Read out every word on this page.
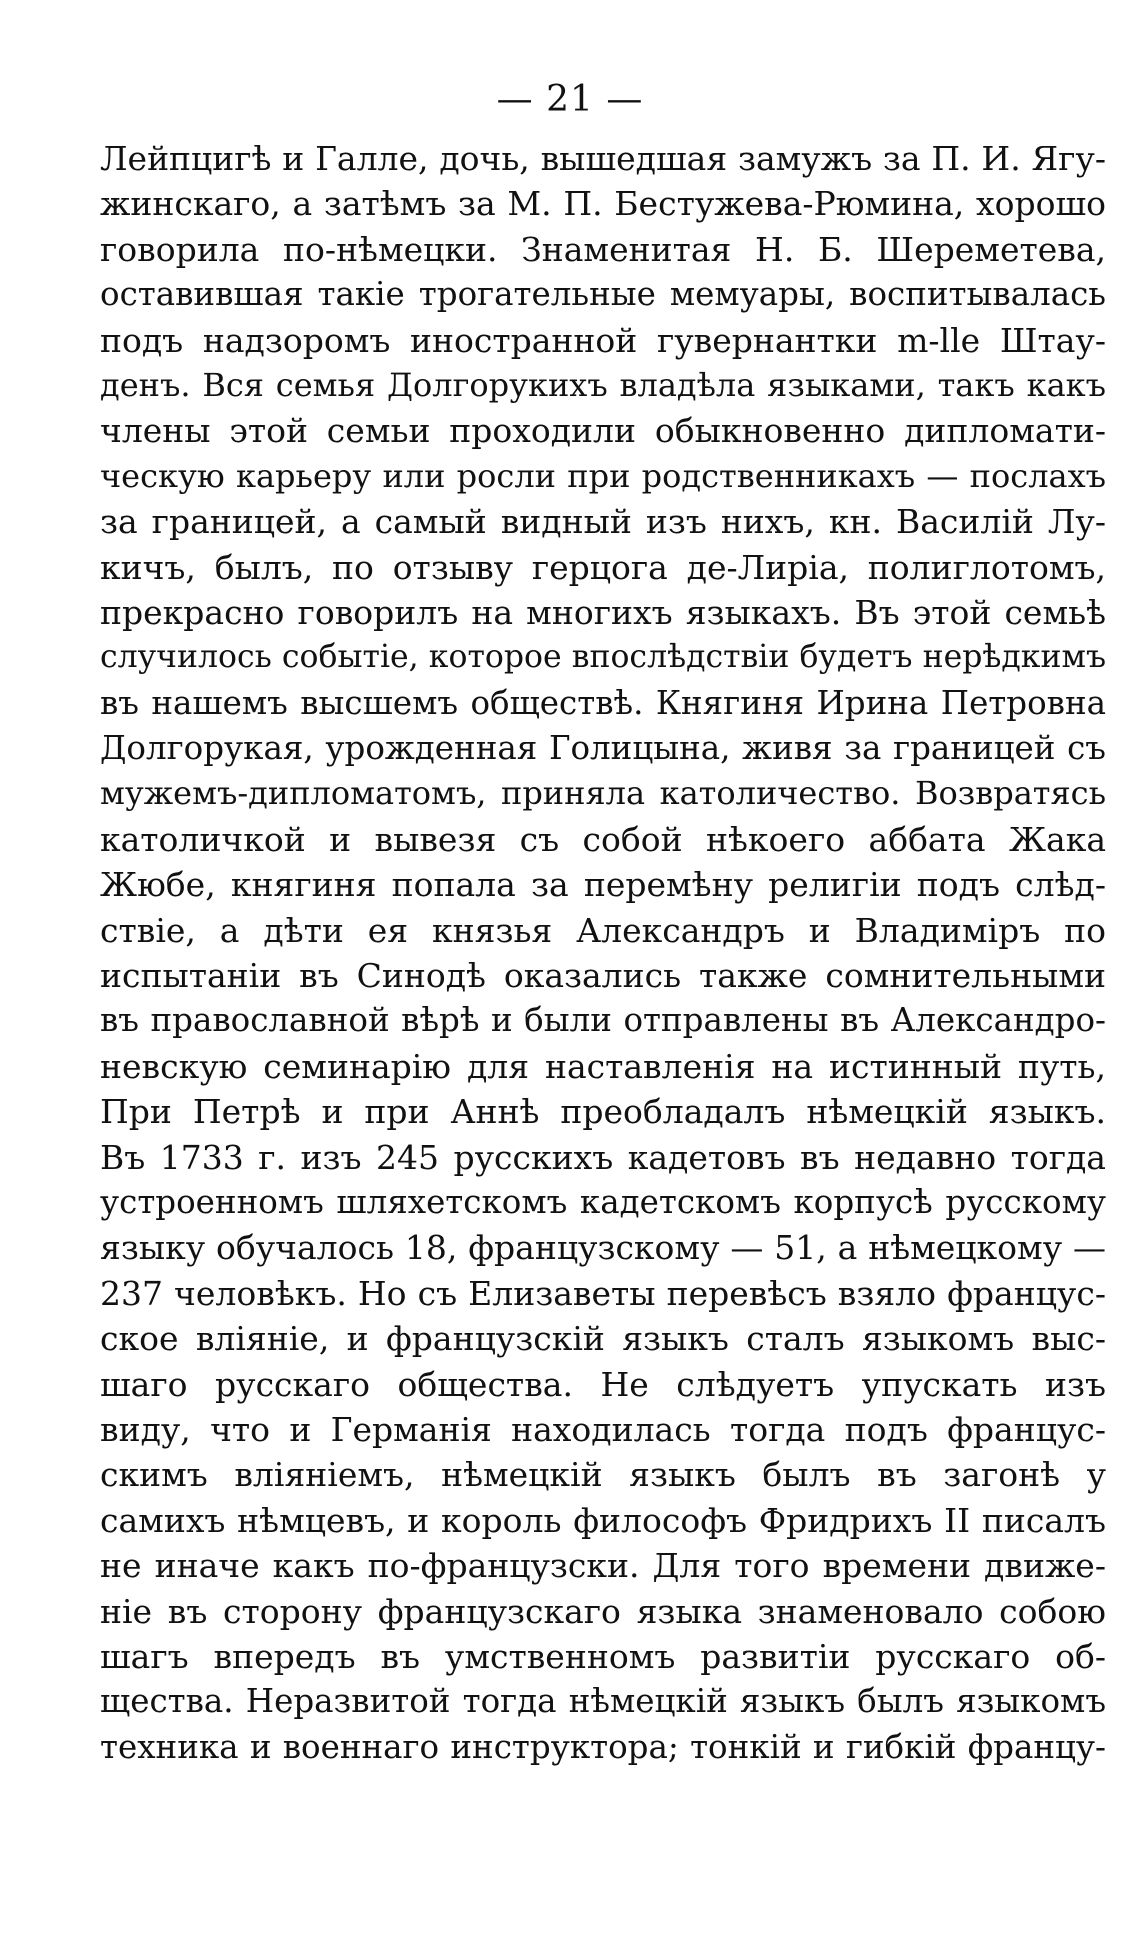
— 21 —
Лейпцигѣ и Галле, дочь, вышедшая замужъ за П. И. Ягу-
жинскаго, а затѣмъ за М. П. Бестужева-Рюмина, хорошо
говорила по-нѣмецки. Знаменитая Н. Б. Шереметева,
оставившая такіе трогательные мемуары, воспитывалась
подъ надзоромъ иностранной гувернантки m-lle Штау-
денъ. Вся семья Долгорукихъ владѣла языками, такъ какъ
члены этой семьи проходили обыкновенно дипломати-
ческую карьеру или росли при родственникахъ — послахъ
за границей, а самый видный изъ нихъ, кн. Василій Лу-
кичъ, былъ, по отзыву герцога де-Лиріа, полиглотомъ,
прекрасно говорилъ на многихъ языкахъ. Въ этой семьѣ
случилось событіе, которое впослѣдствіи будетъ нерѣдкимъ
въ нашемъ высшемъ обществѣ. Княгиня Ирина Петровна
Долгорукая, урожденная Голицына, живя за границей съ
мужемъ-дипломатомъ, приняла католичество. Возвратясь
католичкой и вывезя съ собой нѣкоего аббата Жака
Жюбе, княгиня попала за перемѣну религіи подъ слѣд-
ствіе, а дѣти ея князья Александръ и Владиміръ по
испытаніи въ Синодѣ оказались также сомнительными
въ православной вѣрѣ и были отправлены въ Александро-
невскую семинарію для наставленія на истинный путь,
При Петрѣ и при Аннѣ преобладалъ нѣмецкій языкъ.
Въ 1733 г. изъ 245 русскихъ кадетовъ въ недавно тогда
устроенномъ шляхетскомъ кадетскомъ корпусѣ русскому
языку обучалось 18, французскому — 51, а нѣмецкому —
237 человѣкъ. Но съ Елизаветы перевѣсъ взяло францус-
ское вліяніе, и французскій языкъ сталъ языкомъ выс-
шаго русскаго общества. Не слѣдуетъ упускать изъ
виду, что и Германія находилась тогда подъ францус-
скимъ вліяніемъ, нѣмецкій языкъ былъ въ загонѣ у
самихъ нѣмцевъ, и король философъ Фридрихъ II писалъ
не иначе какъ по-французски. Для того времени движе-
ніе въ сторону французскаго языка знаменовало собою
шагъ впередъ въ умственномъ развитіи русскаго об-
щества. Неразвитой тогда нѣмецкій языкъ былъ языкомъ
техника и военнаго инструктора; тонкій и гибкій францу-
